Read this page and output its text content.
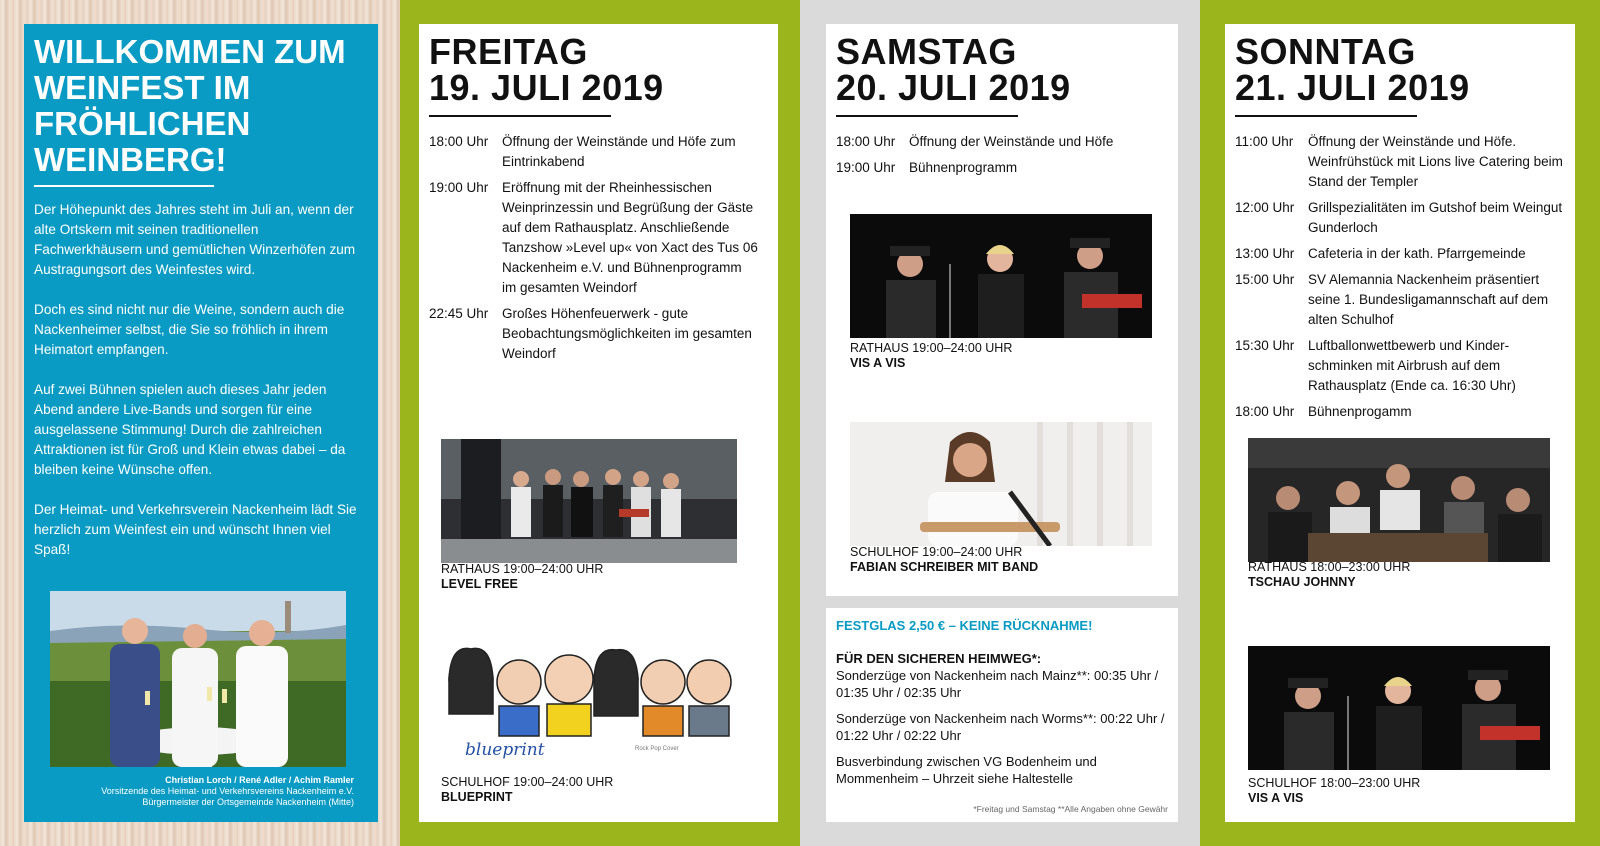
WILLKOMMEN ZUM WEINFEST IM FRÖHLICHEN WEINBERG!

Der Höhepunkt des Jahres steht im Juli an, wenn der alte Ortskern mit seinen traditionellen Fachwerkhäusern und gemütlichen Winzerhöfen zum Austragungsort des Weinfestes wird.

Doch es sind nicht nur die Weine, sondern auch die Nackenheimer selbst, die Sie so fröhlich in ihrem Heimatort empfangen.

Auf zwei Bühnen spielen auch dieses Jahr jeden Abend andere Live-Bands und sorgen für eine ausgelassene Stimmung! Durch die zahlreichen Attraktionen ist für Groß und Klein etwas dabei – da bleiben keine Wünsche offen.

Der Heimat- und Verkehrsverein Nackenheim lädt Sie herzlich zum Weinfest ein und wünscht Ihnen viel Spaß!

Christian Lorch / René Adler / Achim Ramler
Vorsitzende des Heimat- und Verkehrsvereins Nackenheim e.V.
Bürgermeister der Ortsgemeinde Nackenheim (Mitte)
FREITAG
19. JULI 2019
18:00 Uhr	Öffnung der Weinstände und Höfe zum Eintrinkabend
19:00 Uhr	Eröffnung mit der Rheinhessischen Weinprinzessin und Begrüßung der Gäste auf dem Rathausplatz. Anschließende Tanzshow »Level up« von Xact des Tus 06 Nackenheim e.V. und Bühnenprogramm im gesamten Weindorf
22:45 Uhr	Großes Höhenfeuerwerk - gute Beobachtungsmöglichkeiten im gesamten Weindorf
RATHAUS 19:00–24:00 UHR
LEVEL FREE
blueprint	Rock Pop Cover
SCHULHOF 19:00–24:00 UHR
BLUEPRINT
SAMSTAG
20. JULI 2019
18:00 Uhr	Öffnung der Weinstände und Höfe
19:00 Uhr	Bühnenprogramm
RATHAUS 19:00–24:00 UHR
VIS A VIS
SCHULHOF 19:00–24:00 UHR
FABIAN SCHREIBER MIT BAND
FESTGLAS 2,50 € – KEINE RÜCKNAHME!
FÜR DEN SICHEREN HEIMWEG*:

Sonderzüge von Nackenheim nach Mainz**: 00:35 Uhr / 01:35 Uhr / 02:35 Uhr

Sonderzüge von Nackenheim nach Worms**: 00:22 Uhr / 01:22 Uhr / 02:22 Uhr

Busverbindung zwischen VG Bodenheim und Mommenheim – Uhrzeit siehe Haltestelle

*Freitag und Samstag **Alle Angaben ohne Gewähr
SONNTAG
21. JULI 2019
11:00 Uhr	Öffnung der Weinstände und Höfe. Weinfrühstück mit Lions live Catering beim Stand der Templer
12:00 Uhr	Grillspezialitäten im Gutshof beim Weingut Gunderloch
13:00 Uhr	Cafeteria in der kath. Pfarrgemeinde
15:00 Uhr	SV Alemannia Nackenheim präsentiert seine 1. Bundesligamannschaft auf dem alten Schulhof
15:30 Uhr	Luftballonwettbewerb und Kinder-schminken mit Airbrush auf dem Rathausplatz (Ende ca. 16:30 Uhr)
18:00 Uhr	Bühnenprogamm
RATHAUS 18:00–23:00 UHR
TSCHAU JOHNNY
SCHULHOF 18:00–23:00 UHR
VIS A VIS
